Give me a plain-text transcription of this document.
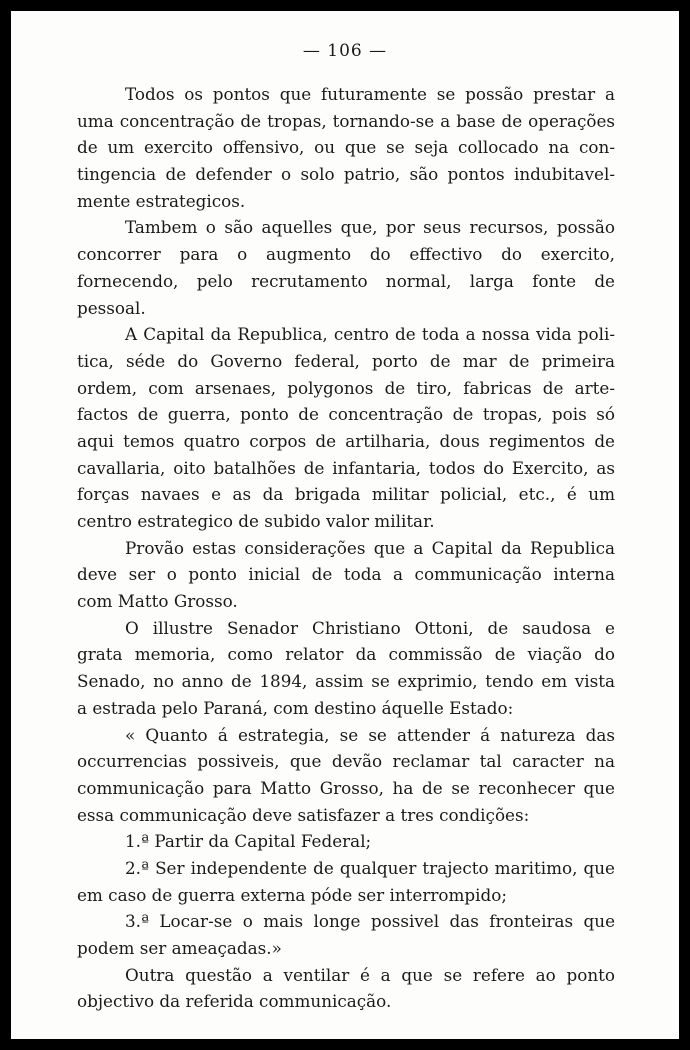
— 106 —
Todos os pontos que futuramente se possão prestar a
uma concentração de tropas, tornando-se a base de operações
de um exercito offensivo, ou que se seja collocado na con-
tingencia de defender o solo patrio, são pontos indubitavel-
mente estrategicos.
Tambem o são aquelles que, por seus recursos, possão
concorrer para o augmento do effectivo do exercito,
fornecendo, pelo recrutamento normal, larga fonte de
pessoal.
A Capital da Republica, centro de toda a nossa vida poli-
tica, séde do Governo federal, porto de mar de primeira
ordem, com arsenaes, polygonos de tiro, fabricas de arte-
factos de guerra, ponto de concentração de tropas, pois só
aqui temos quatro corpos de artilharia, dous regimentos de
cavallaria, oito batalhões de infantaria, todos do Exercito, as
forças navaes e as da brigada militar policial, etc., é um
centro estrategico de subido valor militar.
Provão estas considerações que a Capital da Republica
deve ser o ponto inicial de toda a communicação interna
com Matto Grosso.
O illustre Senador Christiano Ottoni, de saudosa e
grata memoria, como relator da commissão de viação do
Senado, no anno de 1894, assim se exprimio, tendo em vista
a estrada pelo Paraná, com destino áquelle Estado:
« Quanto á estrategia, se se attender á natureza das
occurrencias possiveis, que devão reclamar tal caracter na
communicação para Matto Grosso, ha de se reconhecer que
essa communicação deve satisfazer a tres condições:
1.ª Partir da Capital Federal;
2.ª Ser independente de qualquer trajecto maritimo, que
em caso de guerra externa póde ser interrompido;
3.ª Locar-se o mais longe possivel das fronteiras que
podem ser ameaçadas.»
Outra questão a ventilar é a que se refere ao ponto
objectivo da referida communicação.
